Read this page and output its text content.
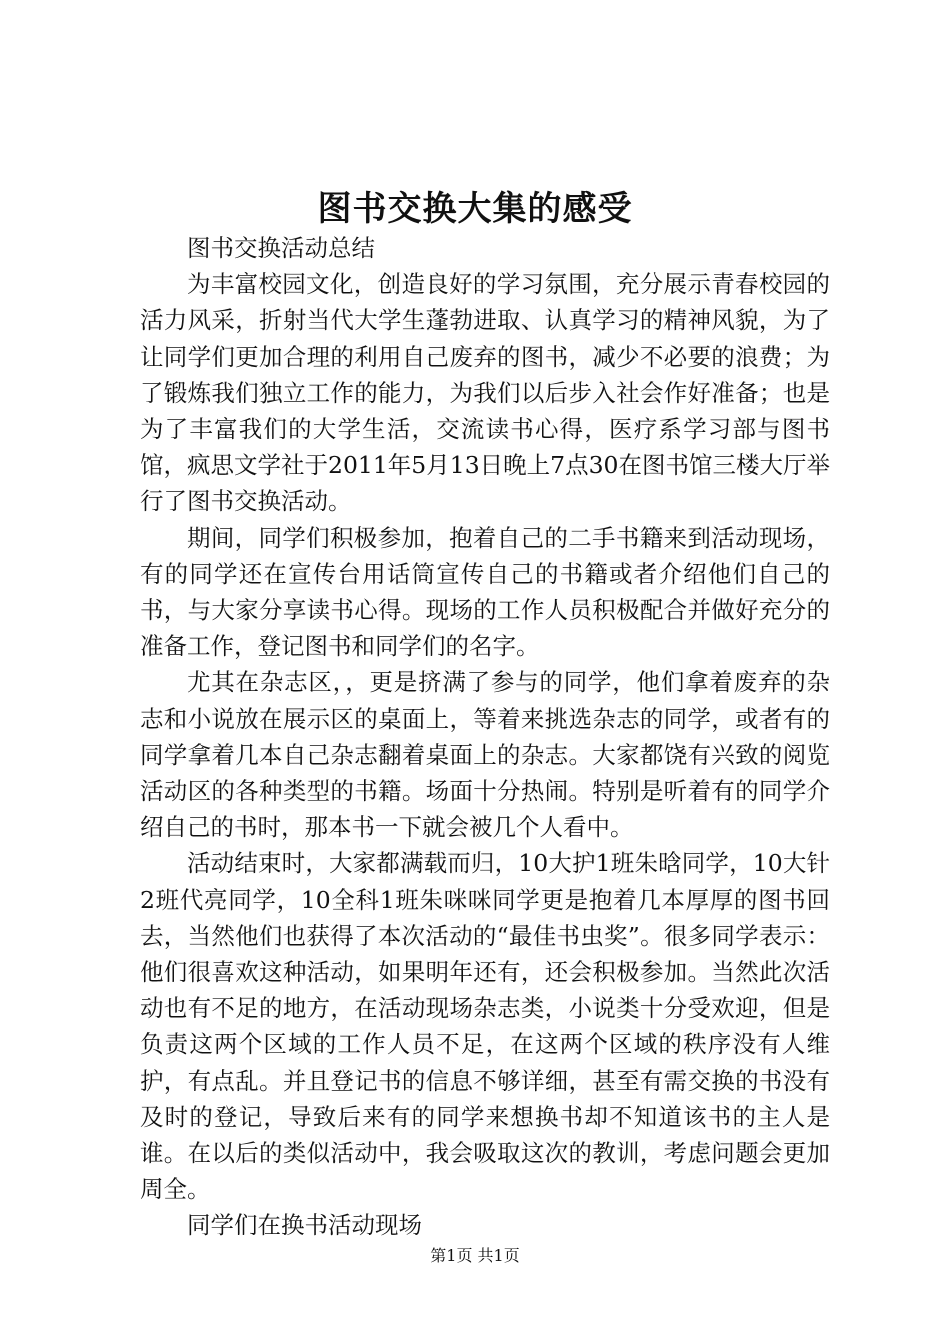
图书交换大集的感受

图书交换活动总结

为丰富校园文化，创造良好的学习氛围，充分展示青春校园的活力风采，折射当代大学生蓬勃进取、认真学习的精神风貌，为了让同学们更加合理的利用自己废弃的图书，减少不必要的浪费；为了锻炼我们独立工作的能力，为我们以后步入社会作好准备；也是为了丰富我们的大学生活，交流读书心得，医疗系学习部与图书馆，疯思文学社于2011年5月13日晚上7点30在图书馆三楼大厅举行了图书交换活动。

期间，同学们积极参加，抱着自己的二手书籍来到活动现场，有的同学还在宣传台用话筒宣传自己的书籍或者介绍他们自己的书，与大家分享读书心得。现场的工作人员积极配合并做好充分的准备工作，登记图书和同学们的名字。

尤其在杂志区，，更是挤满了参与的同学，他们拿着废弃的杂志和小说放在展示区的桌面上，等着来挑选杂志的同学，或者有的同学拿着几本自己杂志翻着桌面上的杂志。大家都饶有兴致的阅览活动区的各种类型的书籍。场面十分热闹。特别是听着有的同学介绍自己的书时，那本书一下就会被几个人看中。

活动结束时，大家都满载而归，10大护1班朱晗同学，10大针2班代亮同学，10全科1班朱咪咪同学更是抱着几本厚厚的图书回去，当然他们也获得了本次活动的“最佳书虫奖”。很多同学表示：他们很喜欢这种活动，如果明年还有，还会积极参加。当然此次活动也有不足的地方，在活动现场杂志类，小说类十分受欢迎，但是负责这两个区域的工作人员不足，在这两个区域的秩序没有人维护，有点乱。并且登记书的信息不够详细，甚至有需交换的书没有及时的登记，导致后来有的同学来想换书却不知道该书的主人是谁。在以后的类似活动中，我会吸取这次的教训，考虑问题会更加周全。

同学们在换书活动现场

第1页 共1页
